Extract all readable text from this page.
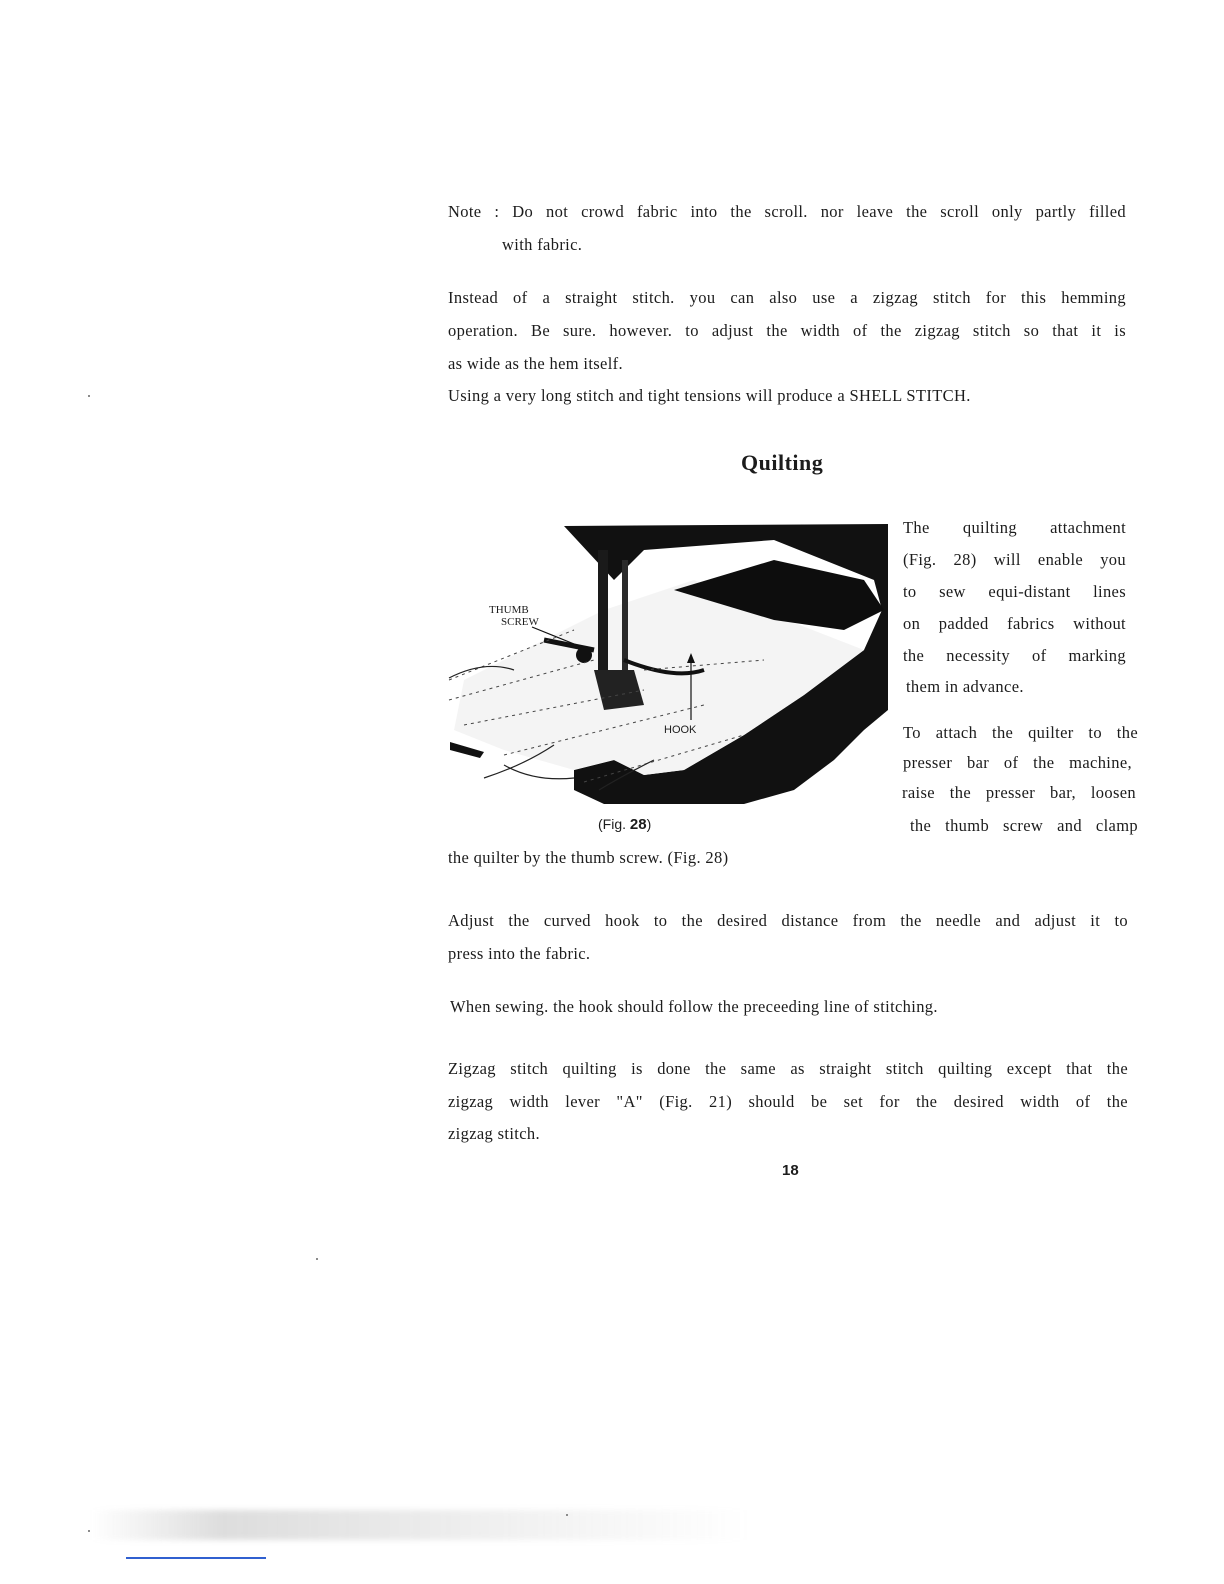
Note : Do not crowd fabric into the scroll. nor leave the scroll only partly filled
with fabric.
Instead of a straight stitch. you can also use a zigzag stitch for this hemming
operation. Be sure. however. to adjust the width of the zigzag stitch so that it is
as wide as the hem itself.
Using a very long stitch and tight tensions will produce a SHELL STITCH.
Quilting
THUMB
SCREW
HOOK
(Fig. 28)
The quilting attachment
(Fig. 28) will enable you
to sew equi-distant lines
on padded fabrics without
the necessity of marking
them in advance.
To attach the quilter to the
presser bar of the machine,
raise the presser bar, loosen
the thumb screw and clamp
the quilter by the thumb screw. (Fig. 28)
Adjust the curved hook to the desired distance from the needle and adjust it to
press into the fabric.
When sewing. the hook should follow the preceeding line of stitching.
Zigzag stitch quilting is done the same as straight stitch quilting except that the
zigzag width lever "A" (Fig. 21) should be set for the desired width of the
zigzag stitch.
18
